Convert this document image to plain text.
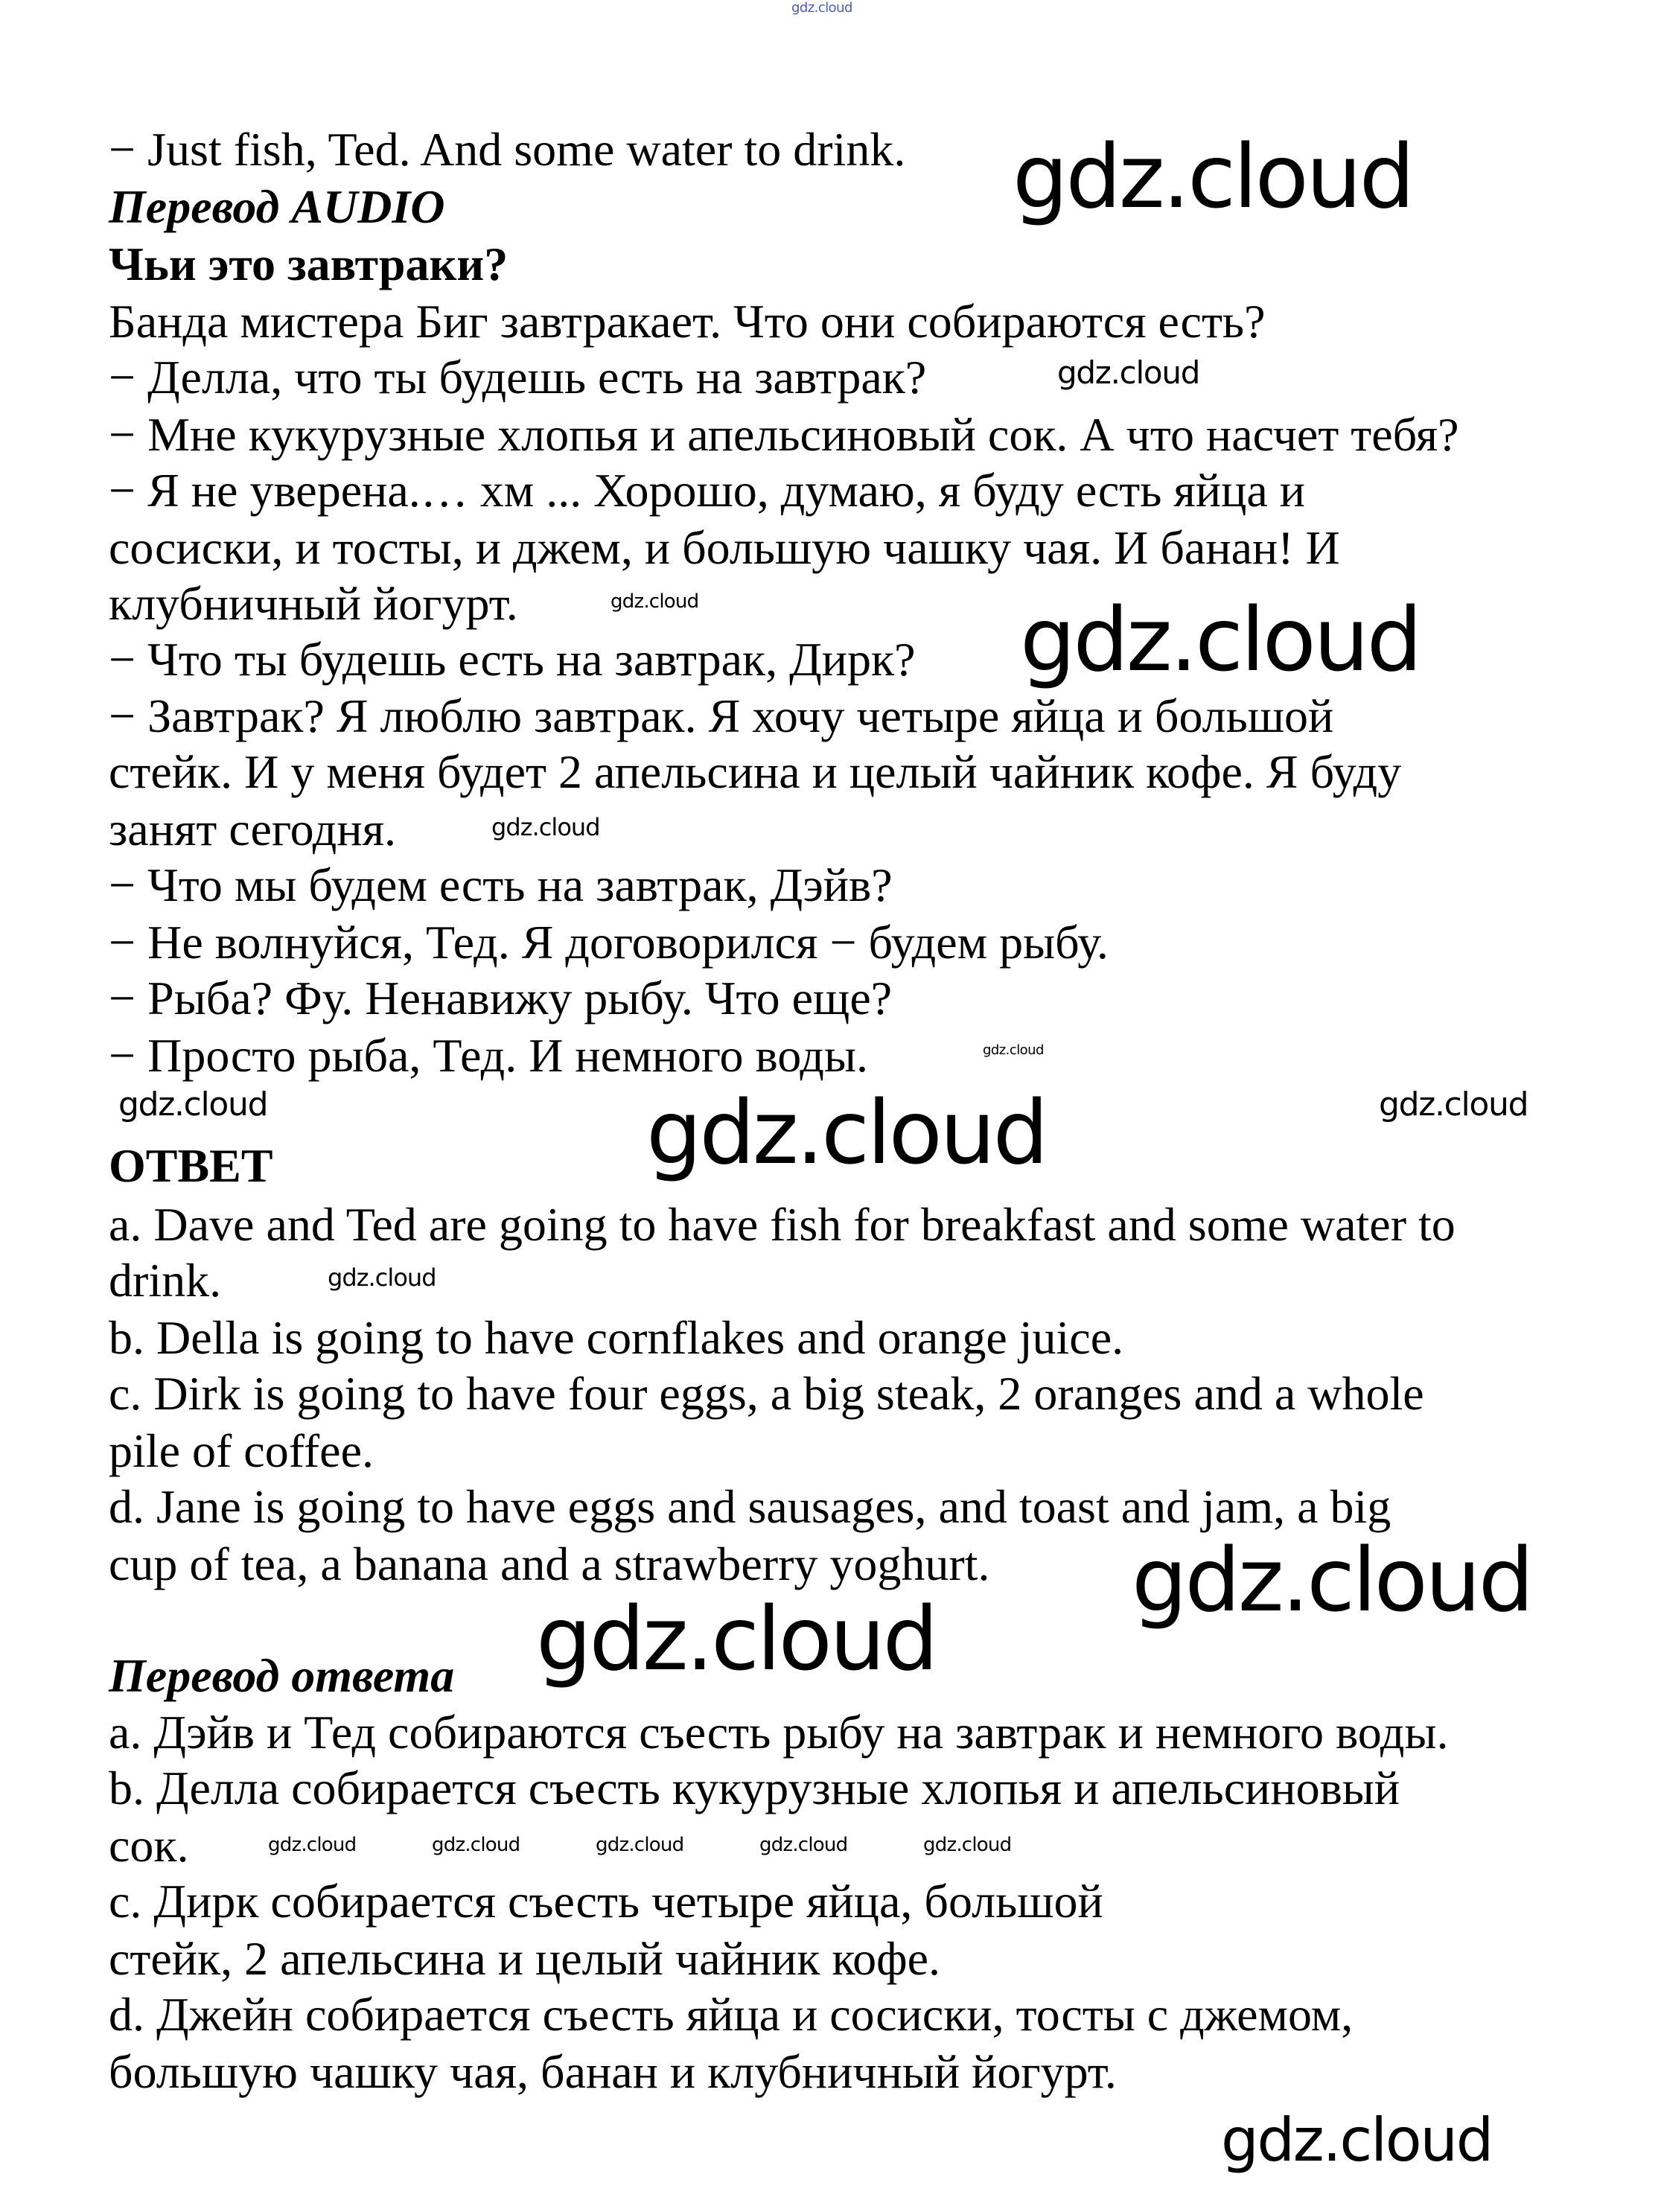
gdz.cloud
− Just fish, Ted. And some water to drink.
Перевод AUDIO
Чьи это завтраки?
Банда мистера Биг завтракает. Что они собираются есть?
− Делла, что ты будешь есть на завтрак?
− Мне кукурузные хлопья и апельсиновый сок. А что насчет тебя?
− Я не уверена.… хм ... Хорошо, думаю, я буду есть яйца и
сосиски, и тосты, и джем, и большую чашку чая. И банан! И
клубничный йогурт.
− Что ты будешь есть на завтрак, Дирк?
− Завтрак? Я люблю завтрак. Я хочу четыре яйца и большой
стейк. И у меня будет 2 апельсина и целый чайник кофе. Я буду
занят сегодня.
− Что мы будем есть на завтрак, Дэйв?
− Не волнуйся, Тед. Я договорился − будем рыбу.
− Рыба? Фу. Ненавижу рыбу. Что еще?
− Просто рыба, Тед. И немного воды.
ОТВЕТ
a. Dave and Ted are going to have fish for breakfast and some water to
drink.
b. Della is going to have cornflakes and orange juice.
c. Dirk is going to have four eggs, a big steak, 2 oranges and a whole
pile of coffee.
d. Jane is going to have eggs and sausages, and toast and jam, a big
cup of tea, a banana and a strawberry yoghurt.
Перевод ответа
a. Дэйв и Тед собираются съесть рыбу на завтрак и немного воды.
b. Делла собирается съесть кукурузные хлопья и апельсиновый
сок.
c. Дирк собирается съесть четыре яйца, большой
стейк, 2 апельсина и целый чайник кофе.
d. Джейн собирается съесть яйца и сосиски, тосты с джемом,
большую чашку чая, банан и клубничный йогурт.
gdz.cloud
gdz.cloud
gdz.cloud
gdz.cloud
gdz.cloud
gdz.cloud
gdz.cloud
gdz.cloud
gdz.cloud
gdz.cloud
gdz.cloud
gdz.cloud
gdz.cloud
gdz.cloud	gdz.cloud	gdz.cloud	gdz.cloud	gdz.cloud
